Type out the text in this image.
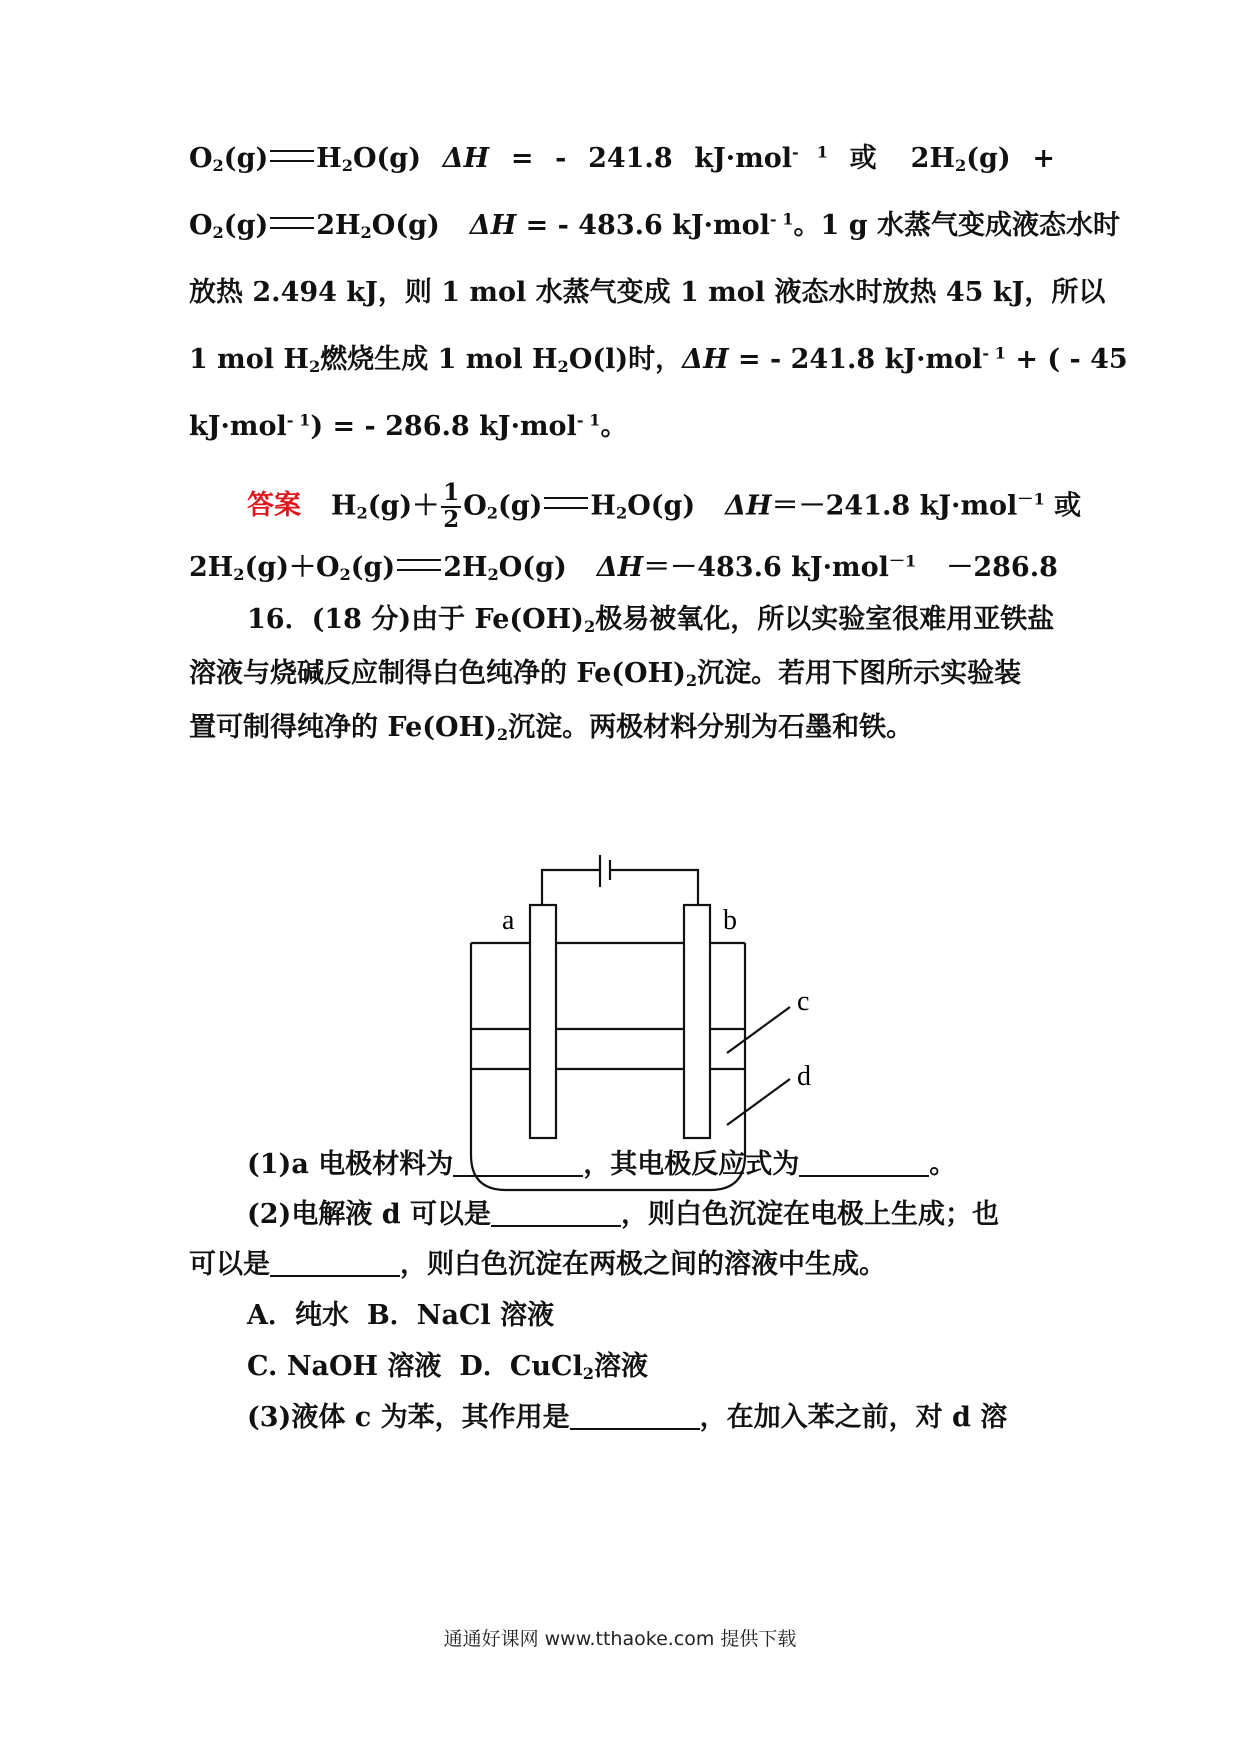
$O_2(g)$ $H_2O(g) \Delta H$ = - 241.8 kJ·mol$^{- 1}$ 或 $2H_2(g)$ +
$O_2(g)$ $2H_2O(g) \Delta H$ = - 483.6 kJ·mol$^{- 1}$。1 g 水蒸气变成液态水时
放热 2.494 kJ，则 1 mol 水蒸气变成 1 mol 液态水时放热 45 kJ，所以
1 mol $H_2$燃烧生成 1 mol $H_2O(l)$时，ΔH = - 241.8 kJ·mol$^{- 1}$ + ( - 45
kJ·mol$^{- 1}$) = - 286.8 kJ·mol$^{- 1}$。
答案 $H_2(g)+ \frac{1}{2} O_2(g)$ $H_2O(g)$ ΔH＝－241.8 kJ·mol$^{-1}$ 或
$2H_2(g)+O_2(g)$ $2H_2O(g)$ ΔH＝－483.6 kJ·mol$^{-1}$ －286.8
16．(18 分)由于 $Fe(OH)_2$极易被氧化，所以实验室很难用亚铁盐
溶液与烧碱反应制得白色纯净的 $Fe(OH)_2$沉淀。若用下图所示实验装
置可制得纯净的 $Fe(OH)_2$沉淀。两极材料分别为石墨和铁。
a	b
c
d
(1)a 电极材料为	，其电极反应式为	。
(2)电解液 d 可以是	，则白色沉淀在电极上生成；也
可以是	，则白色沉淀在两极之间的溶液中生成。
A．纯水 B．NaCl 溶液
C. NaOH 溶液 D．CuCl$_2$溶液
(3)液体 c 为苯，其作用是	，在加入苯之前，对 d 溶
通通好课网 www.tthaoke.com 提供下载
